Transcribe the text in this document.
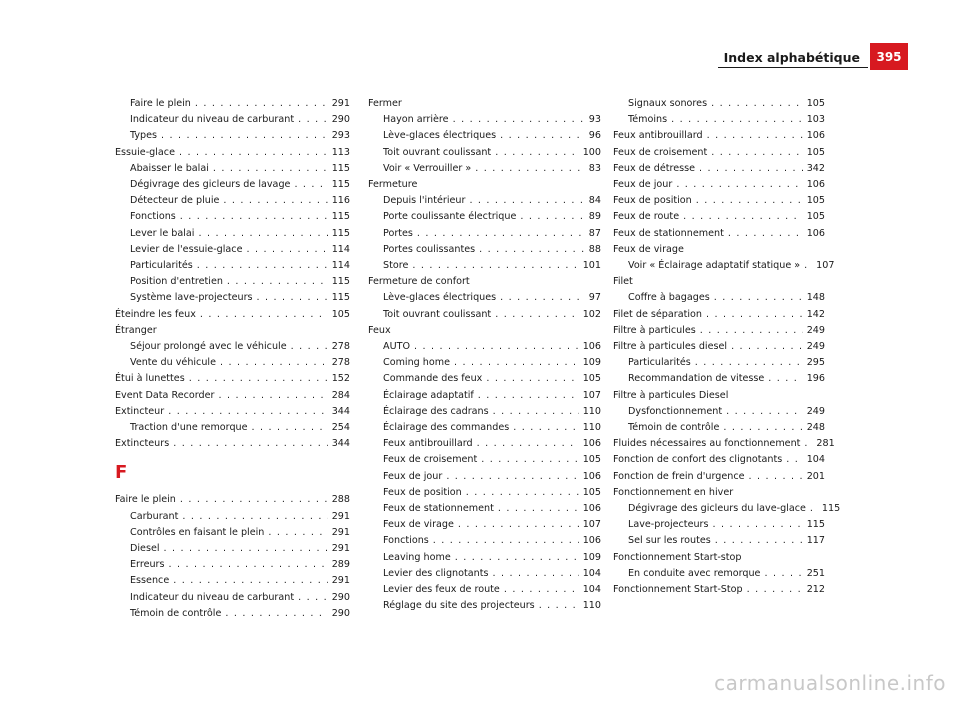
Index alphabétique	395
Faire le plein . . .	291
Indicateur du niveau de carburant . . .	290
Types . . .	293
Essuie-glace . . .	113
Abaisser le balai . . .	115
Dégivrage des gicleurs de lavage . . .	115
Détecteur de pluie . . .	116
Fonctions . . .	115
Lever le balai . . .	115
Levier de l'essuie-glace . . .	114
Particularités . . .	114
Position d'entretien . . .	115
Système lave-projecteurs . . .	115
Éteindre les feux . . .	105
Étranger
Séjour prolongé avec le véhicule . . .	278
Vente du véhicule . . .	278
Étui à lunettes . . .	152
Event Data Recorder . . .	284
Extincteur . . .	344
Traction d'une remorque . . .	254
Extincteurs . . .	344
F
Faire le plein . . .	288
Carburant . . .	291
Contrôles en faisant le plein . . .	291
Diesel . . .	291
Erreurs . . .	289
Essence . . .	291
Indicateur du niveau de carburant . . .	290
Témoin de contrôle . . .	290
Fermer
Hayon arrière . . .	93
Lève-glaces électriques . . .	96
Toit ouvrant coulissant . . .	100
Voir « Verrouiller » . . .	83
Fermeture
Depuis l'intérieur . . .	84
Porte coulissante électrique . . .	89
Portes . . .	87
Portes coulissantes . . .	88
Store . . .	101
Fermeture de confort
Lève-glaces électriques . . .	97
Toit ouvrant coulissant . . .	102
Feux
AUTO . . .	106
Coming home . . .	109
Commande des feux . . .	105
Éclairage adaptatif . . .	107
Éclairage des cadrans . . .	110
Éclairage des commandes . . .	110
Feux antibrouillard . . .	106
Feux de croisement . . .	105
Feux de jour . . .	106
Feux de position . . .	105
Feux de stationnement . . .	106
Feux de virage . . .	107
Fonctions . . .	106
Leaving home . . .	109
Levier des clignotants . . .	104
Levier des feux de route . . .	104
Réglage du site des projecteurs . . .	110
Signaux sonores . . .	105
Témoins . . .	103
Feux antibrouillard . . .	106
Feux de croisement . . .	105
Feux de détresse . . .	342
Feux de jour . . .	106
Feux de position . . .	105
Feux de route . . .	105
Feux de stationnement . . .	106
Feux de virage
Voir « Éclairage adaptatif statique » . . . 107
Filet
Coffre à bagages . . .	148
Filet de séparation . . .	142
Filtre à particules . . .	249
Filtre à particules diesel . . .	249
Particularités . . .	295
Recommandation de vitesse . . .	196
Filtre à particules Diesel
Dysfonctionnement . . .	249
Témoin de contrôle . . .	248
Fluides nécessaires au fonctionnement . . . 281
Fonction de confort des clignotants . . .	104
Fonction de frein d'urgence . . .	201
Fonctionnement en hiver
Dégivrage des gicleurs du lave-glace . . . 115
Lave-projecteurs . . .	115
Sel sur les routes . . .	117
Fonctionnement Start-stop
En conduite avec remorque . . .	251
Fonctionnement Start-Stop . . .	212
carmanualsonline.info
